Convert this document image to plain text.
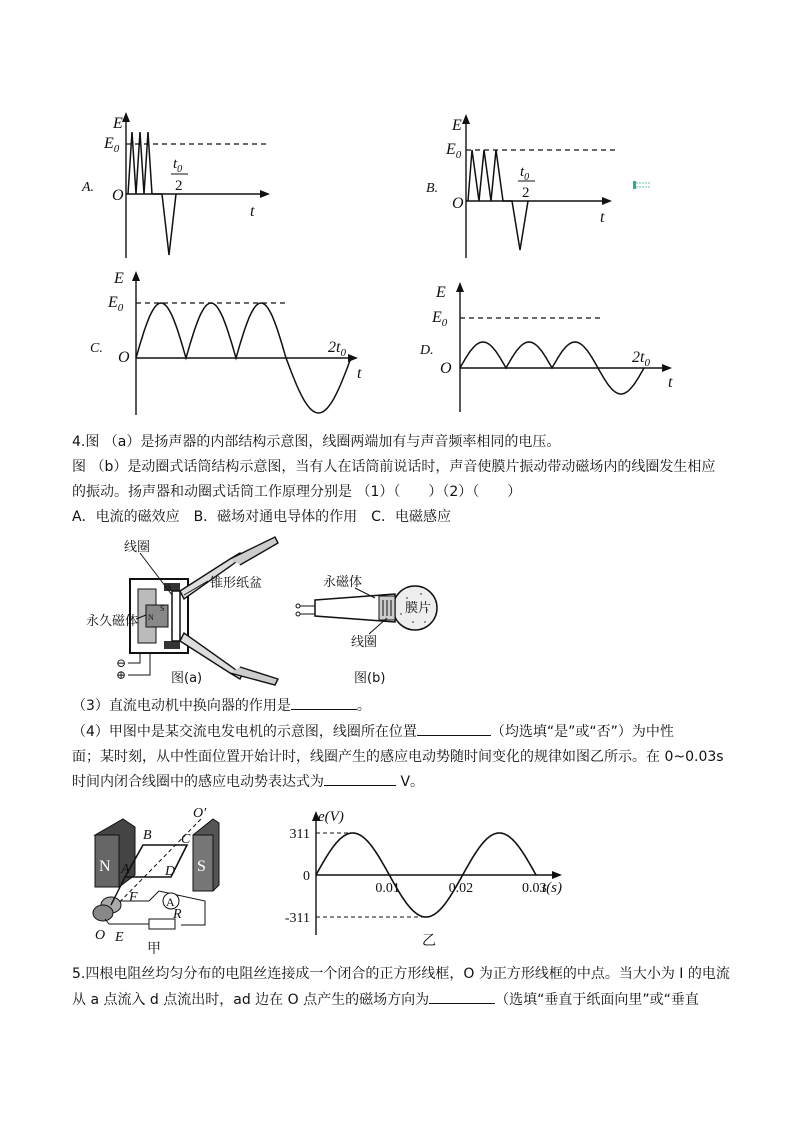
E
$E_0$
A. O
$t_0$
2
t
E
$E_0$
B.
O
$t_0$
2
t
E
$E_0$
C.
O
$2t_0$
t
E
$E_0$
D.
O
$2t_0$
t
4.图 （a）是扬声器的内部结构示意图，线圈两端加有与声音频率相同的电压。
图 （b）是动圈式话筒结构示意图，当有人在话筒前说话时，声音使膜片振动带动磁场内的线圈发生相应
的振动。扬声器和动圈式话筒工作原理分别是 （1）（　　）（2）（　　）
A．电流的磁效应　B．磁场对通电导体的作用　C．电磁感应
S
N
S
⊖
⊕
线圈
锥形纸盆
永久磁体
图(a)
永磁体
膜片
线圈
图(b)
（3）直流电动机中换向器的作用是	。
（4）甲图中是某交流电发电机的示意图，线圈所在位置	（均选填“是”或“否”）为中性
面；某时刻，从中性面位置开始计时，线圈产生的感应电动势随时间变化的规律如图乙所示。在 0~0.03s
时间内闭合线圈中的感应电动势表达式为	V。
N	S
A
O′
B C
A	D
F
R
O E
甲
0.01	0.02	0.03
311
0
-311
e(V)
t(s)
乙
5.四根电阻丝均匀分布的电阻丝连接成一个闭合的正方形线框，O 为正方形线框的中点。当大小为 I 的电流
从 a 点流入 d 点流出时，ad 边在 O 点产生的磁场方向为	（选填“垂直于纸面向里”或“垂直
